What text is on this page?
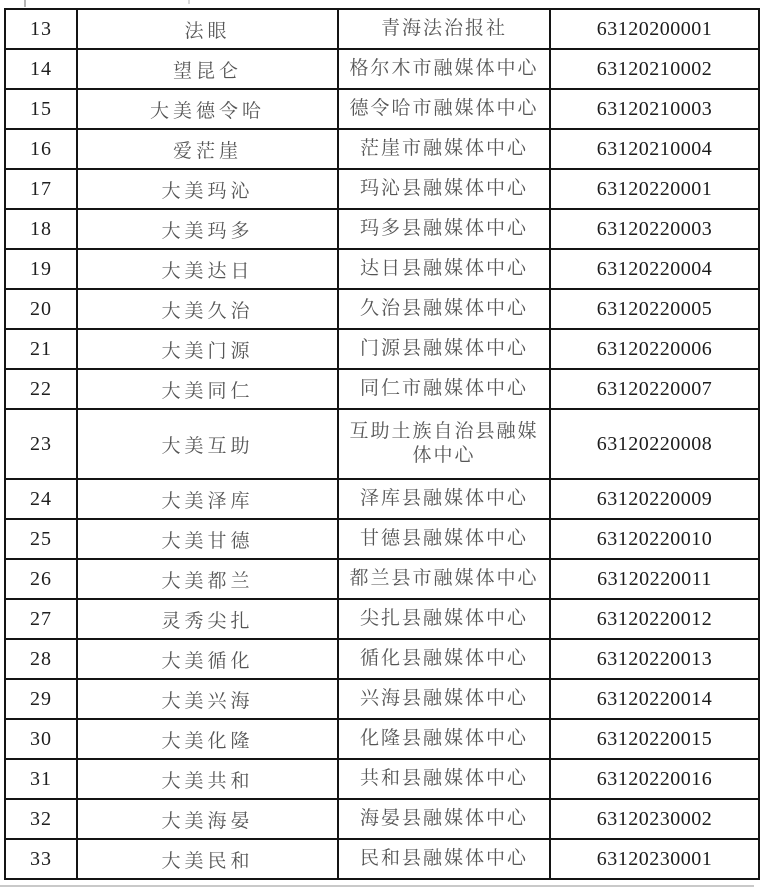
13	法眼	青海法治报社	63120200001
14	望昆仑	格尔木市融媒体中心	63120210002
15	大美德令哈	德令哈市融媒体中心	63120210003
16	爱茫崖	茫崖市融媒体中心	63120210004
17	大美玛沁	玛沁县融媒体中心	63120220001
18	大美玛多	玛多县融媒体中心	63120220003
19	大美达日	达日县融媒体中心	63120220004
20	大美久治	久治县融媒体中心	63120220005
21	大美门源	门源县融媒体中心	63120220006
22	大美同仁	同仁市融媒体中心	63120220007
23	大美互助	互助土族自治县融媒体中心	63120220008
24	大美泽库	泽库县融媒体中心	63120220009
25	大美甘德	甘德县融媒体中心	63120220010
26	大美都兰	都兰县市融媒体中心	63120220011
27	灵秀尖扎	尖扎县融媒体中心	63120220012
28	大美循化	循化县融媒体中心	63120220013
29	大美兴海	兴海县融媒体中心	63120220014
30	大美化隆	化隆县融媒体中心	63120220015
31	大美共和	共和县融媒体中心	63120220016
32	大美海晏	海晏县融媒体中心	63120230002
33	大美民和	民和县融媒体中心	63120230001
